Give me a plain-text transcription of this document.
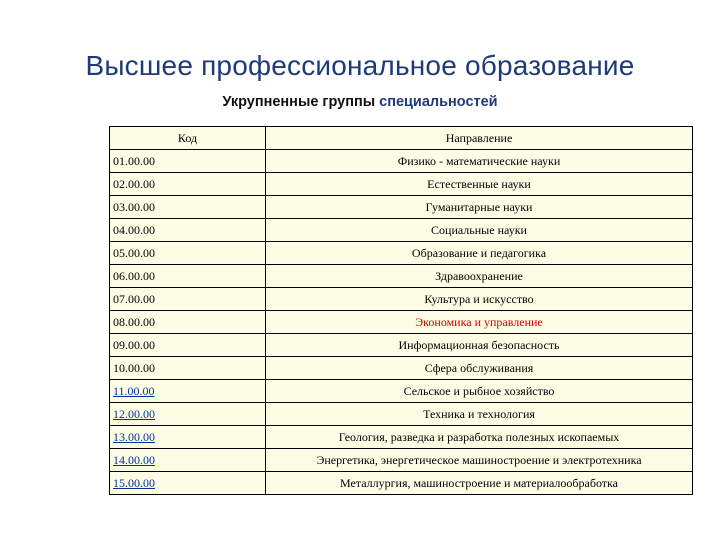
Высшее профессиональное образование
Укрупненные группы специальностей
Код	Направление
01.00.00	Физико - математические науки
02.00.00	Естественные науки
03.00.00	Гуманитарные науки
04.00.00	Социальные науки
05.00.00	Образование и педагогика
06.00.00	Здравоохранение
07.00.00	Культура и искусство
08.00.00	Экономика и управление
09.00.00	Информационная безопасность
10.00.00	Сфера обслуживания
11.00.00	Сельское и рыбное хозяйство
12.00.00	Техника и технология
13.00.00	Геология, разведка и разработка полезных ископаемых
14.00.00	Энергетика, энергетическое машиностроение и электротехника
15.00.00	Металлургия, машиностроение и материалообработка
